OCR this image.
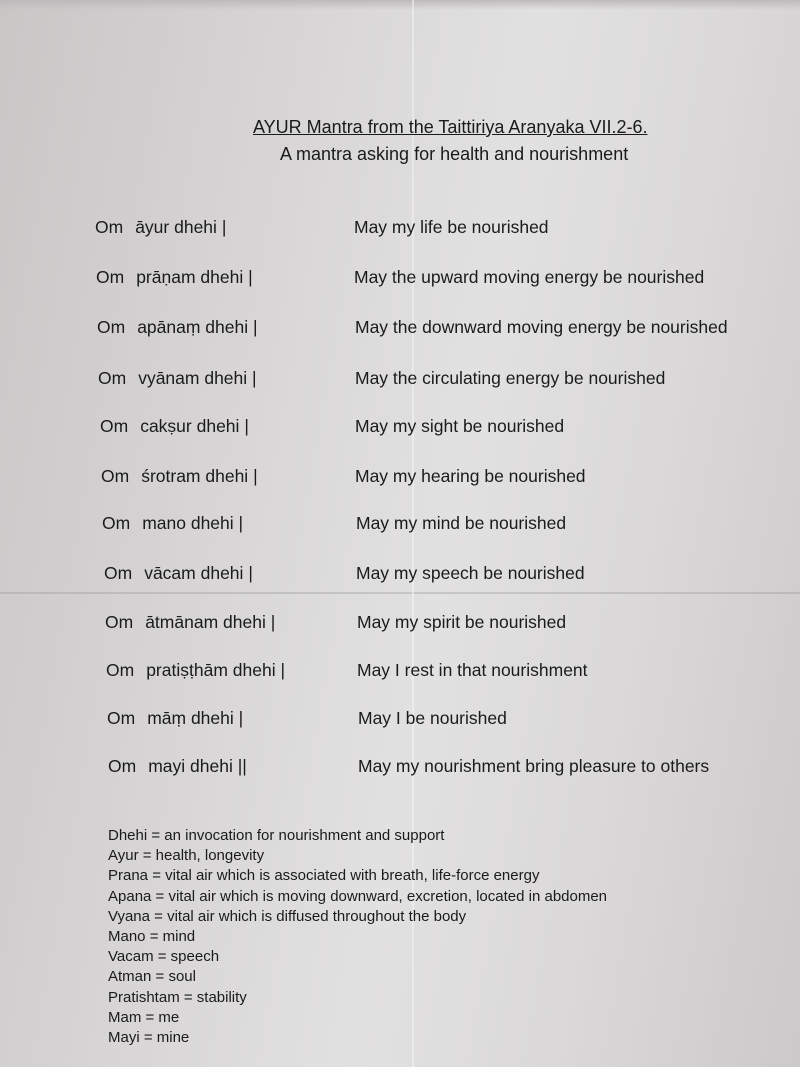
AYUR Mantra from the Taittiriya Aranyaka VII.2-6.
A mantra asking for health and nourishment
Om āyur dhehi |	May my life be nourished
Om prāṇam dhehi |	May the upward moving energy be nourished
Om apānaṃ dhehi |	May the downward moving energy be nourished
Om vyānam dhehi |	May the circulating energy be nourished
Om cakṣur dhehi |	May my sight be nourished
Om śrotram dhehi |	May my hearing be nourished
Om mano dhehi |	May my mind be nourished
Om vācam dhehi |	May my speech be nourished
Om ātmānam dhehi |	May my spirit be nourished
Om pratiṣṭhām dhehi |	May I rest in that nourishment
Om māṃ dhehi |	May I be nourished
Om mayi dhehi ||	May my nourishment bring pleasure to others
Dhehi = an invocation for nourishment and support
Ayur = health, longevity
Prana = vital air which is associated with breath, life-force energy
Apana = vital air which is moving downward, excretion, located in abdomen
Vyana = vital air which is diffused throughout the body
Mano = mind
Vacam = speech
Atman = soul
Pratishtam = stability
Mam = me
Mayi = mine
